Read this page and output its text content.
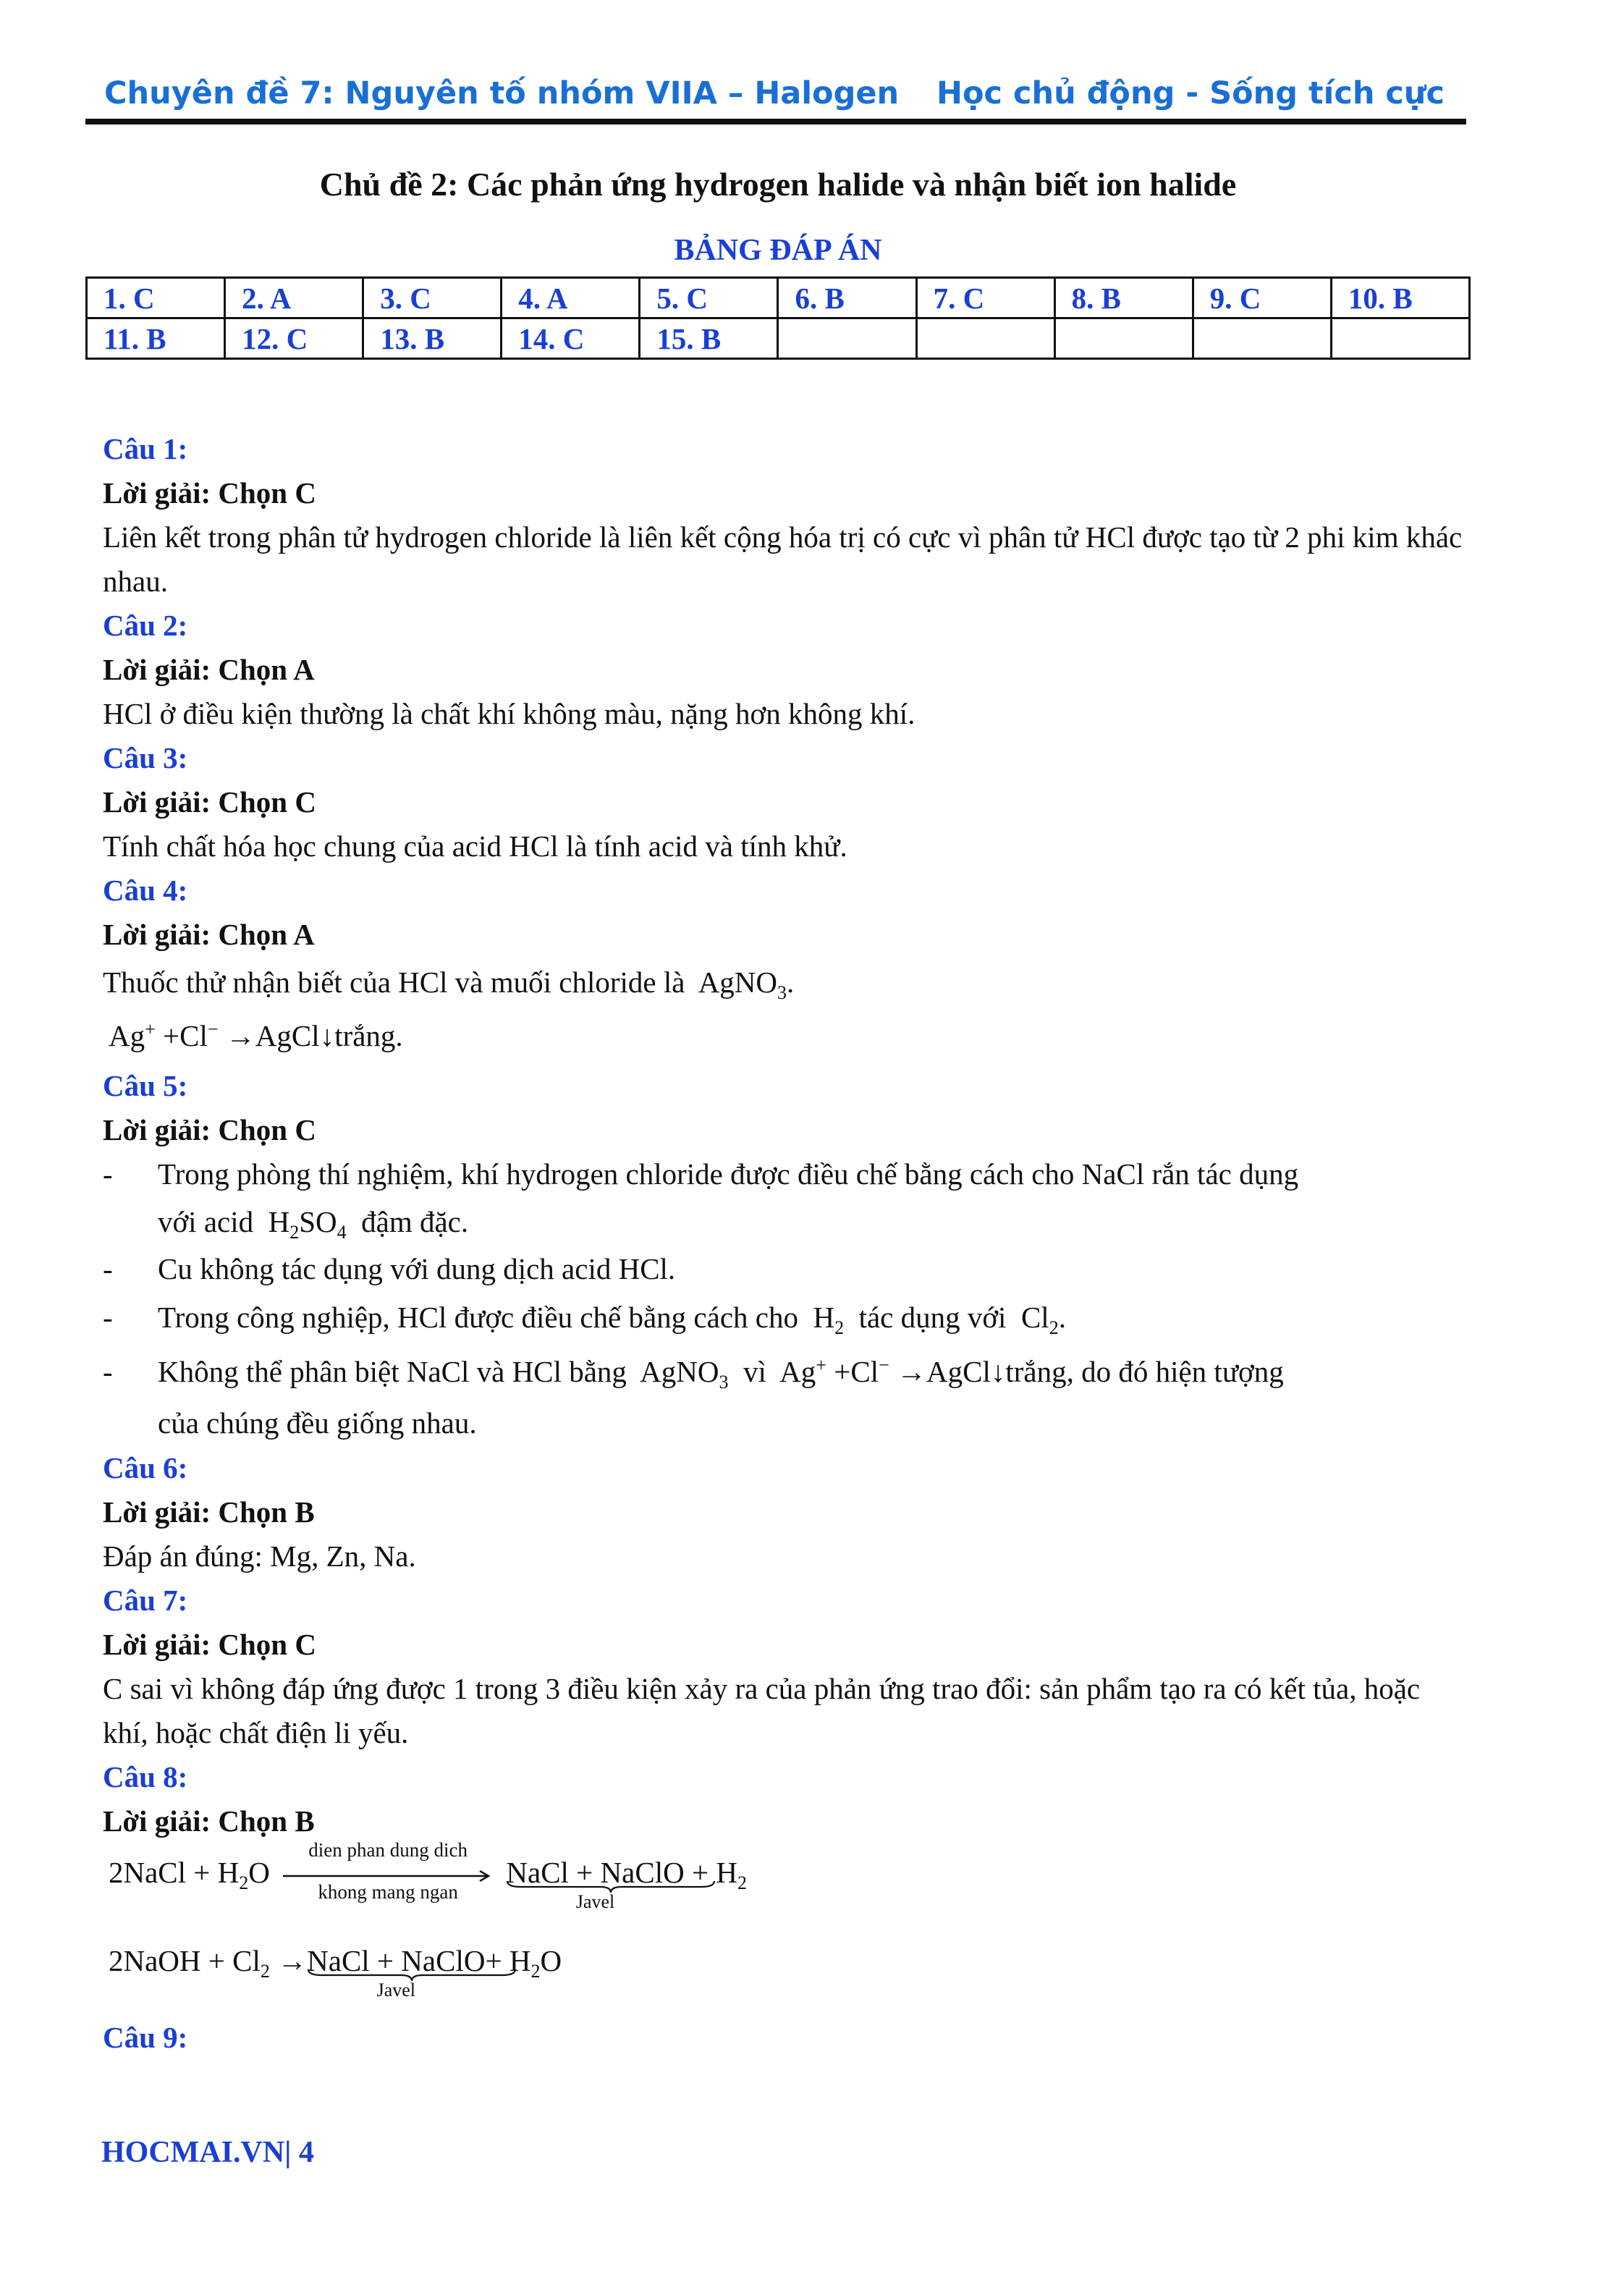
Chuyên đề 7: Nguyên tố nhóm VIIA – Halogen Học chủ động - Sống tích cực
Chủ đề 2: Các phản ứng hydrogen halide và nhận biết ion halide
BẢNG ĐÁP ÁN
1. C	2. A	3. C	4. A	5. C	6. B	7. C	8. B	9. C	10. B
11. B	12. C	13. B	14. C	15. B					
Câu 1:
Lời giải: Chọn C
Liên kết trong phân tử hydrogen chloride là liên kết cộng hóa trị có cực vì phân tử HCl được tạo từ 2 phi kim khác nhau.
Câu 2:
Lời giải: Chọn A
HCl ở điều kiện thường là chất khí không màu, nặng hơn không khí.
Câu 3:
Lời giải: Chọn C
Tính chất hóa học chung của acid HCl là tính acid và tính khử.
Câu 4:
Lời giải: Chọn A
Thuốc thử nhận biết của HCl và muối chloride là AgNO$_3$.
Ag+ +Cl− →AgCl↓trắng.
Câu 5:
Lời giải: Chọn C
- Trong phòng thí nghiệm, khí hydrogen chloride được điều chế bằng cách cho NaCl rắn tác dụng
với acid $H_2SO_4$ đậm đặc.
- Cu không tác dụng với dung dịch acid HCl.
- Trong công nghiệp, HCl được điều chế bằng cách cho $H_2$ tác dụng với $Cl_2$.
- Không thể phân biệt NaCl và HCl bằng AgNO$_3$ vì Ag+ +Cl− →AgCl↓trắng, do đó hiện tượng
của chúng đều giống nhau.
Câu 6:
Lời giải: Chọn B
Đáp án đúng: Mg, Zn, Na.
Câu 7:
Lời giải: Chọn C
C sai vì không đáp ứng được 1 trong 3 điều kiện xảy ra của phản ứng trao đổi: sản phẩm tạo ra có kết tủa, hoặc khí, hoặc chất điện li yếu.
Câu 8:
Lời giải: Chọn B
2NaCl + $H_2O$
dien phan dung dich
khong mang ngan
NaCl + NaClO
Javel
+ $H_2$
2NaOH + $Cl_2$ →NaCl + NaClO
Javel
+ $H_2O$
Câu 9:
HOCMAI.VN| 4
